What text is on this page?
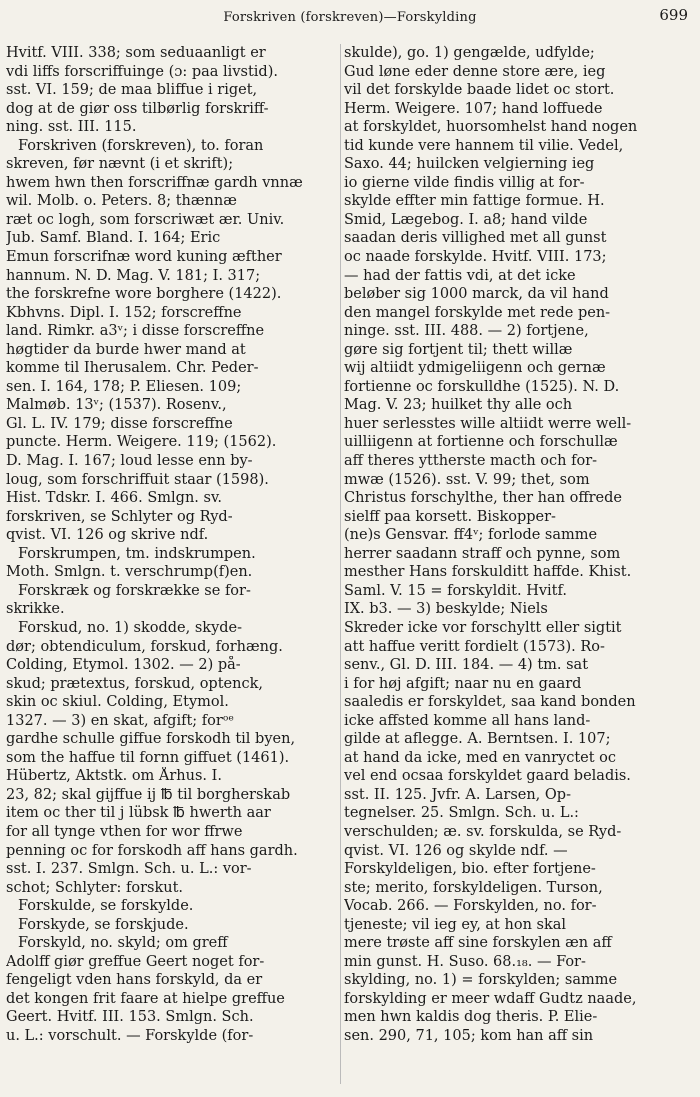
Forskriven (forskreven)—Forskylding	699
Hvitf. VIII. 338; som seduaanligt er
vdi liffs forscriffuinge (ɔ: paa livstid).
sst. VI. 159; de maa bliffue i riget,
dog at de giør oss tilbørlig forskriff-
ning. sst. III. 115.
Forskriven (forskreven), to. foran
skreven, før nævnt (i et skrift);
hwem hwn then forscriffnæ gardh vnnæ
wil. Molb. o. Peters. 8; thænnæ
ræt oc logh, som forscriwæt ær. Univ.
Jub. Samf. Bland. I. 164; Eric
Emun forscrifnæ word kuning æfther
hannum. N. D. Mag. V. 181; I. 317;
the forskrefne wore borghere (1422).
Kbhvns. Dipl. I. 152; forscreffne
land. Rimkr. a3ᵛ; i disse forscreffne
høgtider da burde hwer mand at
komme til Iherusalem. Chr. Peder-
sen. I. 164, 178; P. Eliesen. 109;
Malmøb. 13ᵛ; (1537). Rosenv.,
Gl. L. IV. 179; disse forscreffne
puncte. Herm. Weigere. 119; (1562).
D. Mag. I. 167; loud lesse enn by-
loug, som forschriffuit staar (1598).
Hist. Tdskr. I. 466. Smlgn. sv.
forskriven, se Schlyter og Ryd-
qvist. VI. 126 og skrive ndf.
Forskrumpen, tm. indskrumpen.
Moth. Smlgn. t. verschrump(f)en.
Forskræk og forskrække se for-
skrikke.
Forskud, no. 1) skodde, skyde-
dør; obtendiculum, forskud, forhæng.
Colding, Etymol. 1302. — 2) på-
skud; prætextus, forskud, optenck,
skin oc skiul. Colding, Etymol.
1327. — 3) en skat, afgift; forᵒᵉ
gardhe schulle giffue forskodh til byen,
som the haffue til fornn giffuet (1461).
Hübertz, Aktstk. om Århus. I.
23, 82; skal gijffue ij ℔ til borgherskab
item oc ther til j lübsk ℔ hwerth aar
for all tynge vthen for wor ffrwe
penning oc for forskodh aff hans gardh.
sst. I. 237. Smlgn. Sch. u. L.: vor-
schot; Schlyter: forskut.
Forskulde, se forskylde.
Forskyde, se forskjude.
Forskyld, no. skyld; om greff
Adolff giør greffue Geert noget for-
fengeligt vden hans forskyld, da er
det kongen frit faare at hielpe greffue
Geert. Hvitf. III. 153. Smlgn. Sch.
u. L.: vorschult. — Forskylde (for-
skulde), go. 1) gengælde, udfylde;
Gud løne eder denne store ære, ieg
vil det forskylde baade lidet oc stort.
Herm. Weigere. 107; hand loffuede
at forskyldet, huorsomhelst hand nogen
tid kunde vere hannem til vilie. Vedel,
Saxo. 44; huilcken velgierning ieg
io gierne vilde findis villig at for-
skylde effter min fattige formue. H.
Smid, Lægebog. I. a8; hand vilde
saadan deris villighed met all gunst
oc naade forskylde. Hvitf. VIII. 173;
— had der fattis vdi, at det icke
beløber sig 1000 marck, da vil hand
den mangel forskylde met rede pen-
ninge. sst. III. 488. — 2) fortjene,
gøre sig fortjent til; thett willæ
wij altiidt ydmigeliigenn och gernæ
fortienne oc forskulldhe (1525). N. D.
Mag. V. 23; huilket thy alle och
huer serlesstes wille altiidt werre well-
uilliigenn at fortienne och forschullæ
aff theres yttherste macth och for-
mwæ (1526). sst. V. 99; thet, som
Christus forschylthe, ther han offrede
sielff paa korsett. Biskopper-
(ne)s Gensvar. ff4ᵛ; forlode samme
herrer saadann straff och pynne, som
mesther Hans forskulditt haffde. Khist.
Saml. V. 15 = forskyldit. Hvitf.
IX. b3. — 3) beskylde; Niels
Skreder icke vor forschyltt eller sigtit
att haffue veritt fordielt (1573). Ro-
senv., Gl. D. III. 184. — 4) tm. sat
i for høj afgift; naar nu en gaard
saaledis er forskyldet, saa kand bonden
icke affsted komme all hans land-
gilde at aflegge. A. Berntsen. I. 107;
at hand da icke, med en vanryctet oc
vel end ocsaa forskyldet gaard beladis.
sst. II. 125. Jvfr. A. Larsen, Op-
tegnelser. 25. Smlgn. Sch. u. L.:
verschulden; æ. sv. forskulda, se Ryd-
qvist. VI. 126 og skylde ndf. —
Forskyldeligen, bio. efter fortjene-
ste; merito, forskyldeligen. Turson,
Vocab. 266. — Forskylden, no. for-
tjeneste; vil ieg ey, at hon skal
mere trøste aff sine forskylen æn aff
min gunst. H. Suso. 68.₁₈. — For-
skylding, no. 1) = forskylden; samme
forskylding er meer wdaff Gudtz naade,
men hwn kaldis dog theris. P. Elie-
sen. 290, 71, 105; kom han aff sin
